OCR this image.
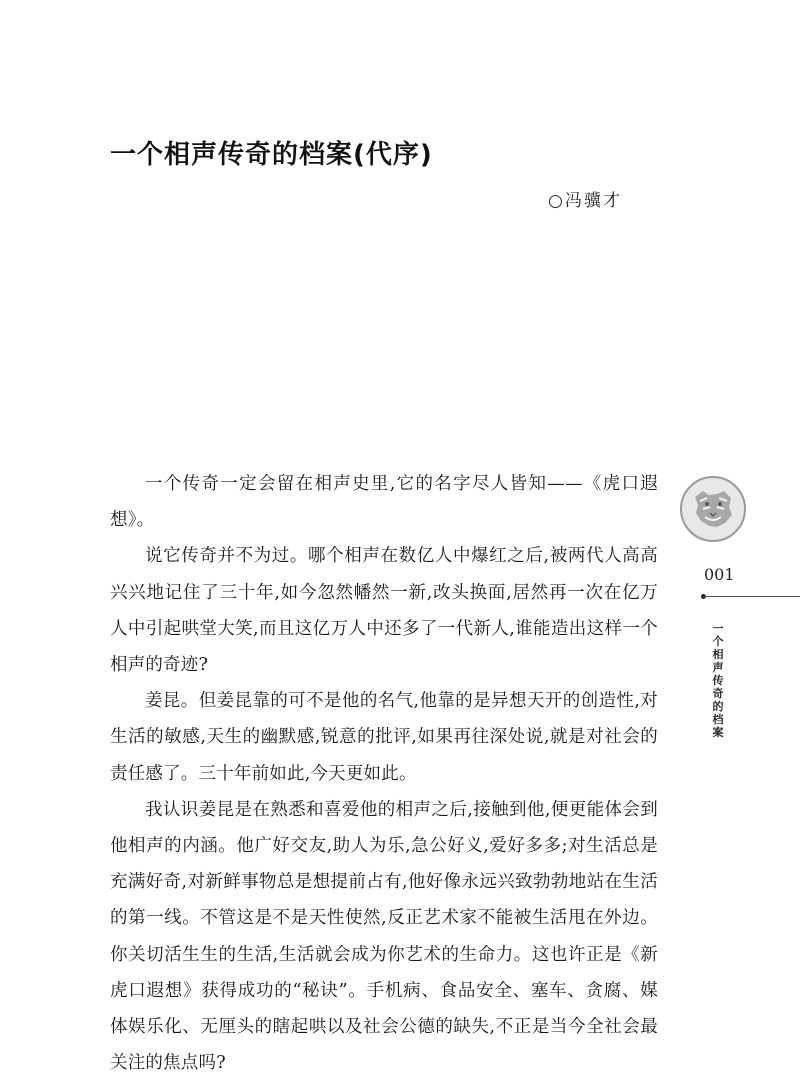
一个相声传奇的档案(代序)
○冯骥才

一个传奇一定会留在相声史里,它的名字尽人皆知——《虎口遐想》。

说它传奇并不为过。哪个相声在数亿人中爆红之后,被两代人高高兴兴地记住了三十年,如今忽然幡然一新,改头换面,居然再一次在亿万人中引起哄堂大笑,而且这亿万人中还多了一代新人,谁能造出这样一个相声的奇迹?

姜昆。但姜昆靠的可不是他的名气,他靠的是异想天开的创造性,对生活的敏感,天生的幽默感,锐意的批评,如果再往深处说,就是对社会的责任感了。三十年前如此,今天更如此。

我认识姜昆是在熟悉和喜爱他的相声之后,接触到他,便更能体会到他相声的内涵。他广好交友,助人为乐,急公好义,爱好多多;对生活总是充满好奇,对新鲜事物总是想提前占有,他好像永远兴致勃勃地站在生活的第一线。不管这是不是天性使然,反正艺术家不能被生活甩在外边。你关切活生生的生活,生活就会成为你艺术的生命力。这也许正是《新虎口遐想》获得成功的“秘诀”。手机病、食品安全、塞车、贪腐、媒体娱乐化、无厘头的瞎起哄以及社会公德的缺失,不正是当今全社会最关注的焦点吗?

001
一个相声传奇的档案
